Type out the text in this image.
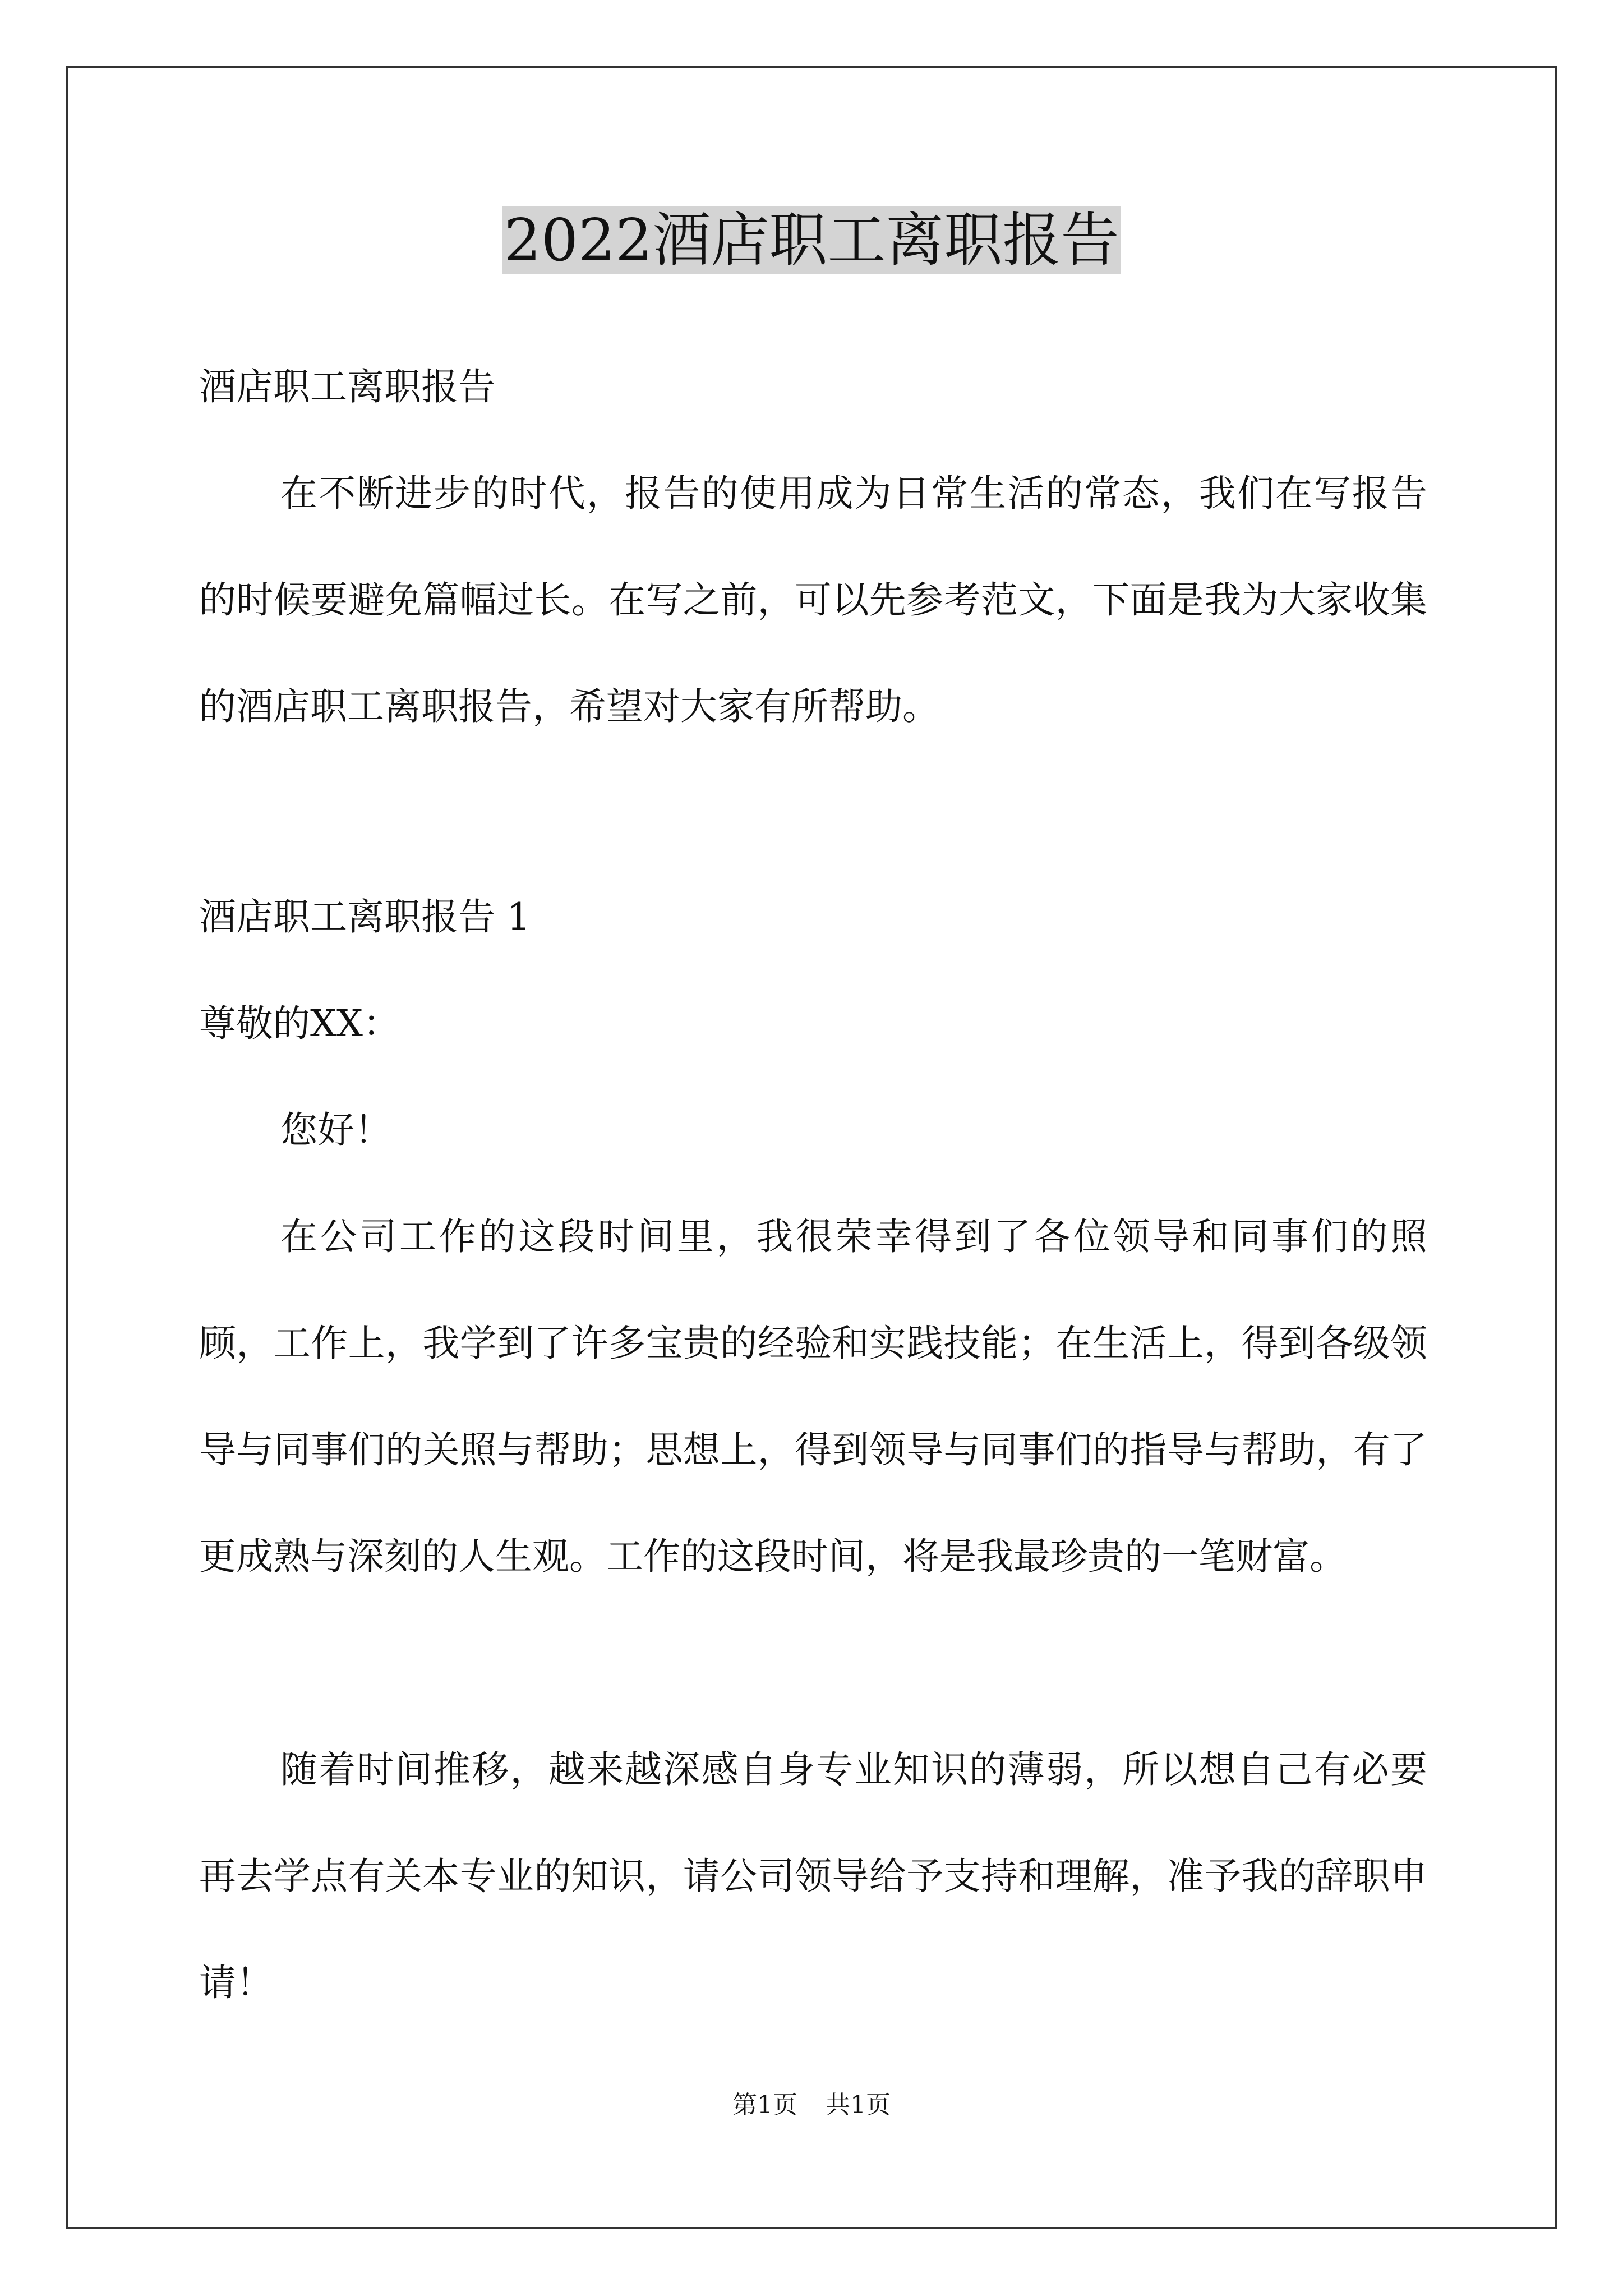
2022酒店职工离职报告

酒店职工离职报告

在不断进步的时代，报告的使用成为日常生活的常态，我们在写报告的时候要避免篇幅过长。在写之前，可以先参考范文，下面是我为大家收集的酒店职工离职报告，希望对大家有所帮助。

酒店职工离职报告 1

尊敬的XX：

您好！

在公司工作的这段时间里，我很荣幸得到了各位领导和同事们的照顾，工作上，我学到了许多宝贵的经验和实践技能；在生活上，得到各级领导与同事们的关照与帮助；思想上，得到领导与同事们的指导与帮助，有了更成熟与深刻的人生观。工作的这段时间，将是我最珍贵的一笔财富。

随着时间推移，越来越深感自身专业知识的薄弱，所以想自己有必要再去学点有关本专业的知识，请公司领导给予支持和理解，准予我的辞职申请！

第1页 共1页
